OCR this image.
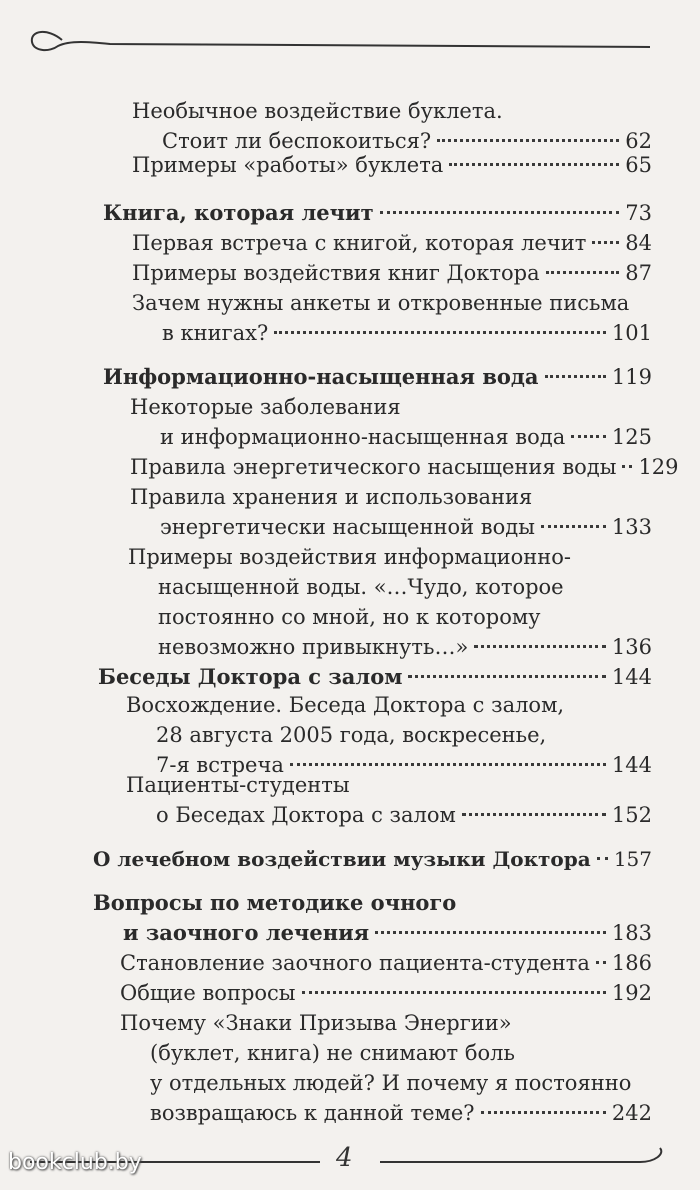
Необычное воздействие буклета.
Стоит ли беспокоиться?	62
Примеры «работы» буклета	65
Книга, которая лечит	73
Первая встреча с книгой, которая лечит 84
Примеры воздействия книг Доктора	87
Зачем нужны анкеты и откровенные письма
в книгах?	101
Информационно-насыщенная вода	119
Некоторые заболевания
и информационно-насыщенная вода 125
Правила энергетического насыщения воды 129
Правила хранения и использования
энергетически насыщенной воды	133
Примеры воздействия информационно-
насыщенной воды. «…Чудо, которое
постоянно со мной, но к которому
невозможно привыкнуть…»	136
Беседы Доктора с залом	144
Восхождение. Беседа Доктора с залом,
28 августа 2005 года, воскресенье,
7-я встреча	144
Пациенты-студенты
о Беседах Доктора с залом	152
О лечебном воздействии музыки Доктора 157
Вопросы по методике очного
и заочного лечения	183
Становление заочного пациента-студента 186
Общие вопросы	192
Почему «Знаки Призыва Энергии»
(буклет, книга) не снимают боль
у отдельных людей? И почему я постоянно
возвращаюсь к данной теме?	242
4
bookclub.by
